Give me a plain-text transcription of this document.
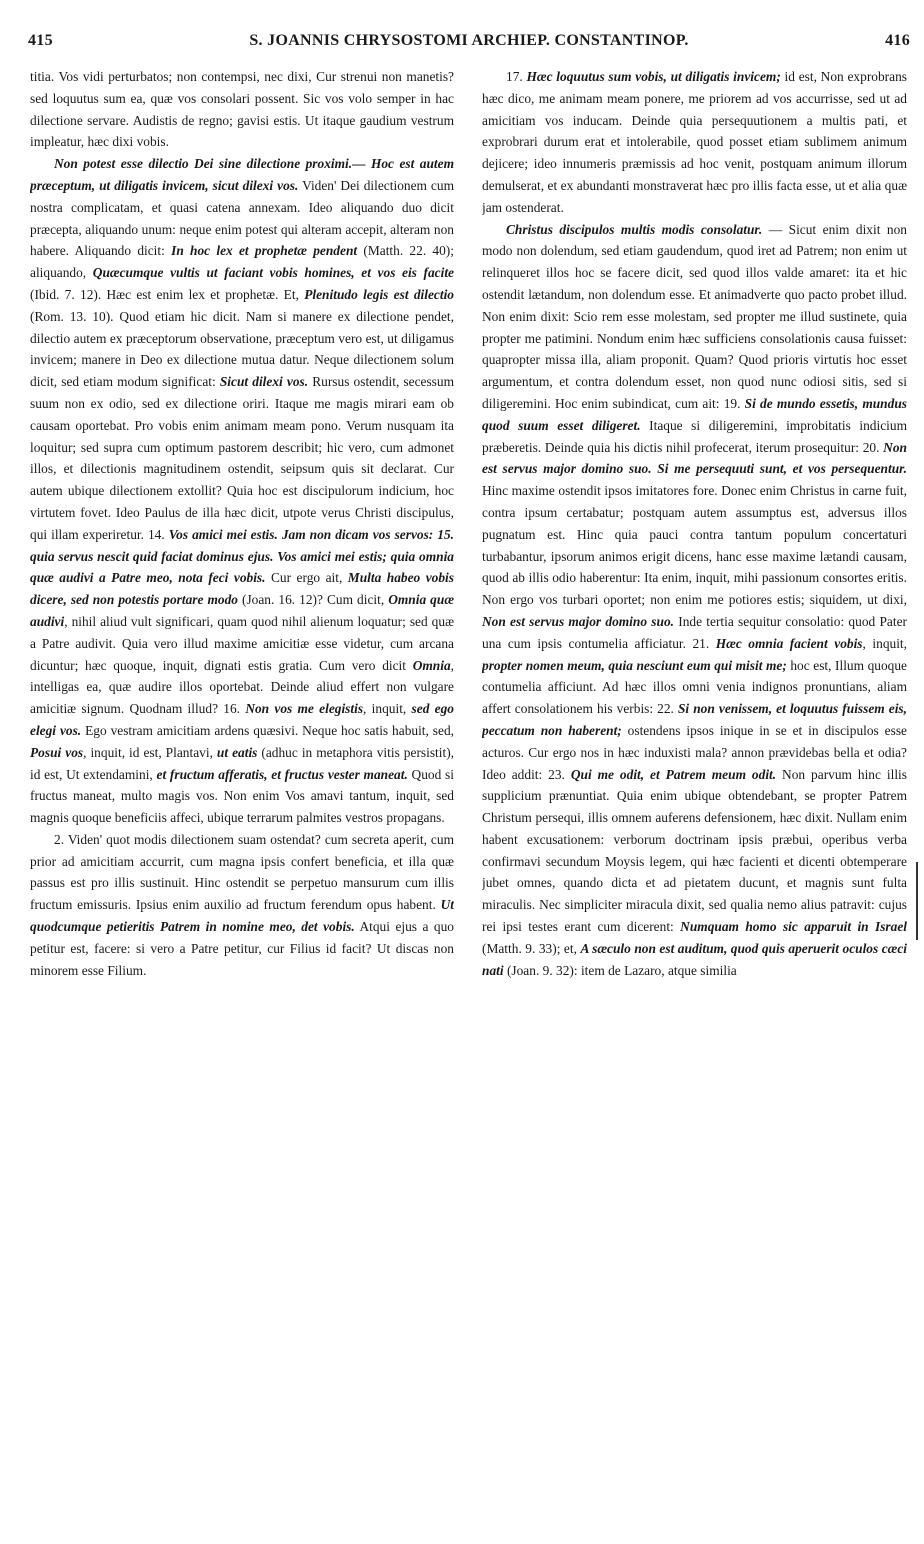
415	S. JOANNIS CHRYSOSTOMI ARCHIEP. CONSTANTINOP.	416

titia. Vos vidi perturbatos; non contempsi, nec dixi, Cur strenui non manetis? sed loquutus sum ea, quæ vos consolari possent. Sic vos volo semper in hac dilectione servare. Audistis de regno; gavisi estis. Ut itaque gaudium vestrum impleatur, hæc dixi vobis.

Non potest esse dilectio Dei sine dilectione proximi.— Hoc est autem præceptum, ut diligatis invicem, sicut dilexi vos. Viden' Dei dilectionem cum nostra complicatam, et quasi catena annexam. Ideo aliquando duo dicit præcepta, aliquando unum: neque enim potest qui alteram accepit, alteram non habere. Aliquando dicit: In hoc lex et prophetæ pendent (Matth. 22. 40); aliquando, Quæcumque vultis ut faciant vobis homines, et vos eis facite (Ibid. 7. 12). Hæc est enim lex et prophetæ. Et, Plenitudo legis est dilectio (Rom. 13. 10). Quod etiam hic dicit. Nam si manere ex dilectione pendet, dilectio autem ex præceptorum observatione, præceptum vero est, ut diligamus invicem; manere in Deo ex dilectione mutua datur. Neque dilectionem solum dicit, sed etiam modum significat: Sicut dilexi vos. Rursus ostendit, secessum suum non ex odio, sed ex dilectione oriri. Itaque me magis mirari eam ob causam oportebat. Pro vobis enim animam meam pono. Verum nusquam ita loquitur; sed supra cum optimum pastorem describit; hic vero, cum admonet illos, et dilectionis magnitudinem ostendit, seipsum quis sit declarat. Cur autem ubique dilectionem extollit? Quia hoc est discipulorum indicium, hoc virtutem fovet. Ideo Paulus de illa hæc dicit, utpote verus Christi discipulus, qui illam experiretur. 14. Vos amici mei estis. Jam non dicam vos servos: 15. quia servus nescit quid faciat dominus ejus. Vos amici mei estis; quia omnia quæ audivi a Patre meo, nota feci vobis. Cur ergo ait, Multa habeo vobis dicere, sed non potestis portare modo (Joan. 16. 12)? Cum dicit, Omnia quæ audivi, nihil aliud vult significari, quam quod nihil alienum loquatur; sed quæ a Patre audivit. Quia vero illud maxime amicitiæ esse videtur, cum arcana dicuntur; hæc quoque, inquit, dignati estis gratia. Cum vero dicit Omnia, intelligas ea, quæ audire illos oportebat. Deinde aliud effert non vulgare amicitiæ signum. Quodnam illud? 16. Non vos me elegistis, inquit, sed ego elegi vos. Ego vestram amicitiam ardens quæsivi. Neque hoc satis habuit, sed, Posui vos, inquit, id est, Plantavi, ut eatis (adhuc in metaphora vitis persistit), id est, Ut extendamini, et fructum afferatis, et fructus vester maneat. Quod si fructus maneat, multo magis vos. Non enim Vos amavi tantum, inquit, sed magnis quoque beneficiis affeci, ubique terrarum palmites vestros propagans.

2. Viden' quot modis dilectionem suam ostendat? cum secreta aperit, cum prior ad amicitiam accurrit, cum magna ipsis confert beneficia, et illa quæ passus est pro illis sustinuit. Hinc ostendit se perpetuo mansurum cum illis fructum emissuris. Ipsius enim auxilio ad fructum ferendum opus habent. Ut quodcumque petieritis Patrem in nomine meo, det vobis. Atqui ejus a quo petitur est, facere: si vero a Patre petitur, cur Filius id facit? Ut discas non minorem esse Filium.

17. Hæc loquutus sum vobis, ut diligatis invicem; id est, Non exprobrans hæc dico, me animam meam ponere, me priorem ad vos accurrisse, sed ut ad amicitiam vos inducam. Deinde quia persequutionem a multis pati, et exprobrari durum erat et intolerabile, quod posset etiam sublimem animum dejicere; ideo innumeris præmissis ad hoc venit, postquam animum illorum demulserat, et ex abundanti monstraverat hæc pro illis facta esse, ut et alia quæ jam ostenderat.

Christus discipulos multis modis consolatur. — Sicut enim dixit non modo non dolendum, sed etiam gaudendum, quod iret ad Patrem; non enim ut relinqueret illos hoc se facere dicit, sed quod illos valde amaret: ita et hic ostendit lætandum, non dolendum esse. Et animadverte quo pacto probet illud. Non enim dixit: Scio rem esse molestam, sed propter me illud sustinete, quia propter me patimini. Nondum enim hæc sufficiens consolationis causa fuisset: quapropter missa illa, aliam proponit. Quam? Quod prioris virtutis hoc esset argumentum, et contra dolendum esset, non quod nunc odiosi sitis, sed si diligeremini. Hoc enim subindicat, cum ait: 19. Si de mundo essetis, mundus quod suum esset diligeret. Itaque si diligeremini, improbitatis indicium præberetis. Deinde quia his dictis nihil profecerat, iterum prosequitur: 20. Non est servus major domino suo. Si me persequuti sunt, et vos persequentur. Hinc maxime ostendit ipsos imitatores fore. Donec enim Christus in carne fuit, contra ipsum certabatur; postquam autem assumptus est, adversus illos pugnatum est. Hinc quia pauci contra tantum populum concertaturi turbabantur, ipsorum animos erigit dicens, hanc esse maxime lætandi causam, quod ab illis odio haberentur: Ita enim, inquit, mihi passionum consortes eritis. Non ergo vos turbari oportet; non enim me potiores estis; siquidem, ut dixi, Non est servus major domino suo. Inde tertia sequitur consolatio: quod Pater una cum ipsis contumelia afficiatur. 21. Hæc omnia facient vobis, inquit, propter nomen meum, quia nesciunt eum qui misit me; hoc est, Illum quoque contumelia afficiunt. Ad hæc illos omni venia indignos pronuntians, aliam affert consolationem his verbis: 22. Si non venissem, et loquutus fuissem eis, peccatum non haberent; ostendens ipsos inique in se et in discipulos esse acturos. Cur ergo nos in hæc induxisti mala? annon prævidebas bella et odia? Ideo addit: 23. Qui me odit, et Patrem meum odit. Non parvum hinc illis supplicium prænuntiat. Quia enim ubique obtendebant, se propter Patrem Christum persequi, illis omnem auferens defensionem, hæc dixit. Nullam enim habent excusationem: verborum doctrinam ipsis præbui, operibus verba confirmavi secundum Moysis legem, qui hæc facienti et dicenti obtemperare jubet omnes, quando dicta et ad pietatem ducunt, et magnis sunt fulta miraculis. Nec simpliciter miracula dixit, sed qualia nemo alius patravit: cujus rei ipsi testes erant cum dicerent: Numquam homo sic apparuit in Israel (Matth. 9. 33); et, A sæculo non est auditum, quod quis aperuerit oculos cæci nati (Joan. 9. 32): item de Lazaro, atque similia
